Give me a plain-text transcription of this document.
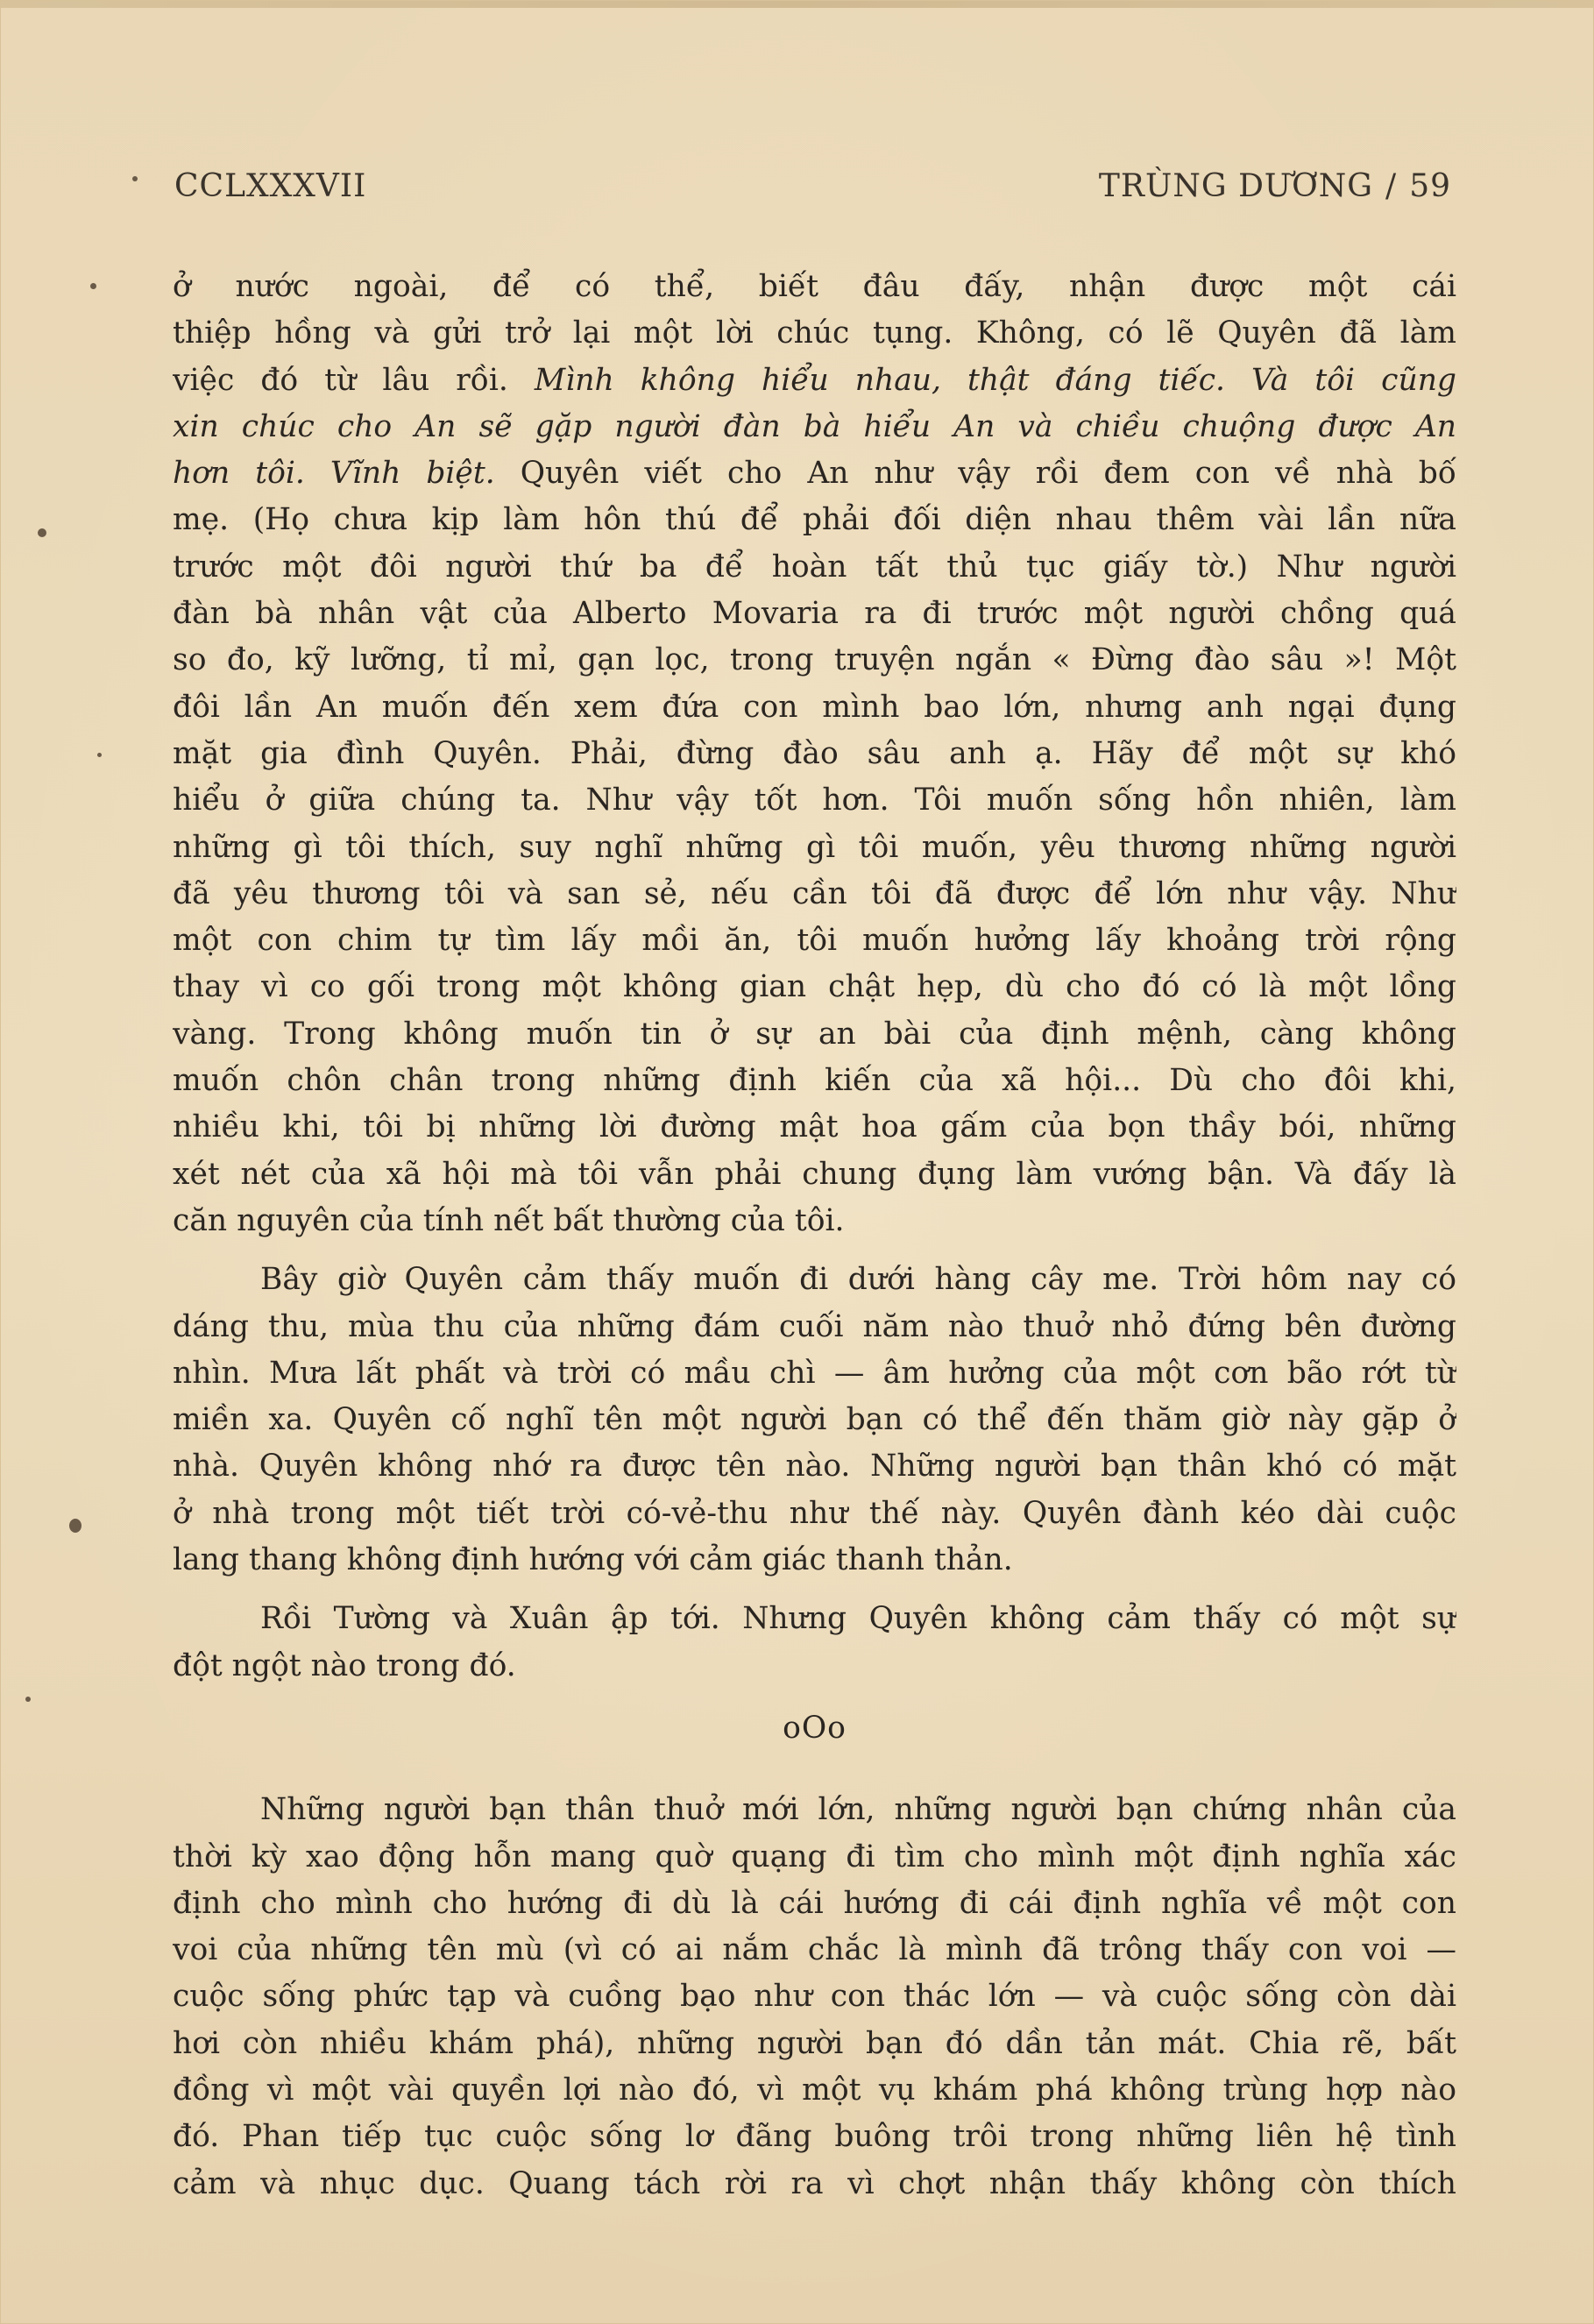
CCLXXXVII	TRÙNG DƯƠNG / 59

ở nước ngoài, để có thể, biết đâu đấy, nhận được một cái
thiệp hồng và gửi trở lại một lời chúc tụng. Không, có lẽ Quyên đã làm
việc đó từ lâu rồi. Mình không hiểu nhau, thật đáng tiếc. Và tôi cũng
xin chúc cho An sẽ gặp người đàn bà hiểu An và chiều chuộng được An
hơn tôi. Vĩnh biệt. Quyên viết cho An như vậy rồi đem con về nhà bố
mẹ. (Họ chưa kịp làm hôn thú để phải đối diện nhau thêm vài lần nữa
trước một đôi người thứ ba để hoàn tất thủ tục giấy tờ.) Như người
đàn bà nhân vật của Alberto Movaria ra đi trước một người chồng quá
so đo, kỹ lưỡng, tỉ mỉ, gạn lọc, trong truyện ngắn « Đừng đào sâu »! Một
đôi lần An muốn đến xem đứa con mình bao lớn, nhưng anh ngại đụng
mặt gia đình Quyên. Phải, đừng đào sâu anh ạ. Hãy để một sự khó
hiểu ở giữa chúng ta. Như vậy tốt hơn. Tôi muốn sống hồn nhiên, làm
những gì tôi thích, suy nghĩ những gì tôi muốn, yêu thương những người
đã yêu thương tôi và san sẻ, nếu cần tôi đã được để lớn như vậy. Như
một con chim tự tìm lấy mồi ăn, tôi muốn hưởng lấy khoảng trời rộng
thay vì co gối trong một không gian chật hẹp, dù cho đó có là một lồng
vàng. Trong không muốn tin ở sự an bài của định mệnh, càng không
muốn chôn chân trong những định kiến của xã hội... Dù cho đôi khi,
nhiều khi, tôi bị những lời đường mật hoa gấm của bọn thầy bói, những
xét nét của xã hội mà tôi vẫn phải chung đụng làm vướng bận. Và đấy là
căn nguyên của tính nết bất thường của tôi.

Bây giờ Quyên cảm thấy muốn đi dưới hàng cây me. Trời hôm nay có
dáng thu, mùa thu của những đám cuối năm nào thuở nhỏ đứng bên đường
nhìn. Mưa lất phất và trời có mầu chì — âm hưởng của một cơn bão rớt từ
miền xa. Quyên cố nghĩ tên một người bạn có thể đến thăm giờ này gặp ở
nhà. Quyên không nhớ ra được tên nào. Những người bạn thân khó có mặt
ở nhà trong một tiết trời có-vẻ-thu như thế này. Quyên đành kéo dài cuộc
lang thang không định hướng với cảm giác thanh thản.

Rồi Tường và Xuân ập tới. Nhưng Quyên không cảm thấy có một sự
đột ngột nào trong đó.

oOo

Những người bạn thân thuở mới lớn, những người bạn chứng nhân của
thời kỳ xao động hỗn mang quờ quạng đi tìm cho mình một định nghĩa xác
định cho mình cho hướng đi dù là cái hướng đi cái định nghĩa về một con
voi của những tên mù (vì có ai nắm chắc là mình đã trông thấy con voi —
cuộc sống phức tạp và cuồng bạo như con thác lớn — và cuộc sống còn dài
hơi còn nhiều khám phá), những người bạn đó dần tản mát. Chia rẽ, bất
đồng vì một vài quyền lợi nào đó, vì một vụ khám phá không trùng hợp nào
đó. Phan tiếp tục cuộc sống lơ đãng buông trôi trong những liên hệ tình
cảm và nhục dục. Quang tách rời ra vì chợt nhận thấy không còn thích
